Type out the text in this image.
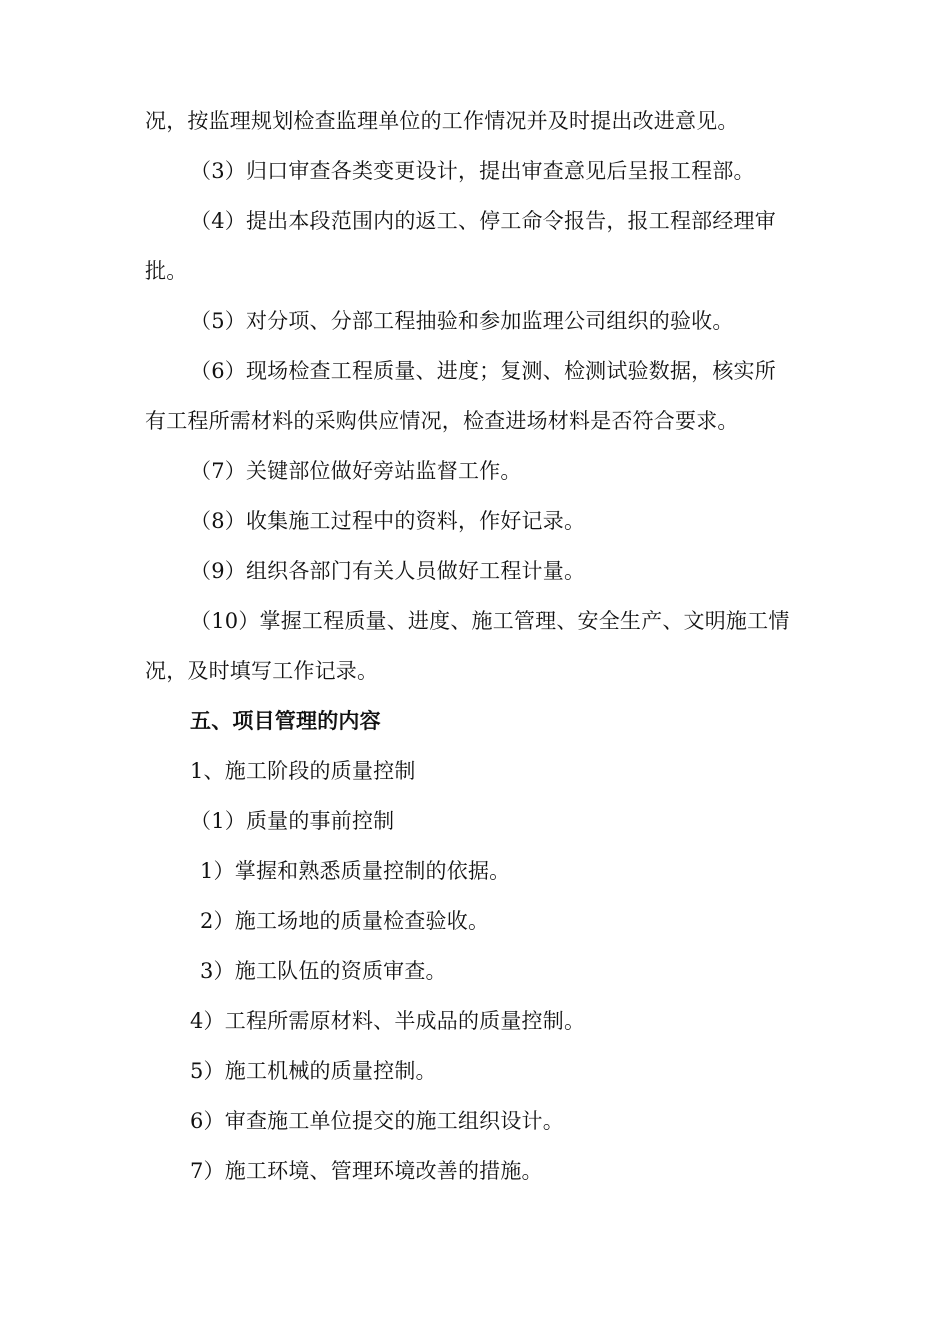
况，按监理规划检查监理单位的工作情况并及时提出改进意见。
（3）归口审查各类变更设计，提出审查意见后呈报工程部。
（4）提出本段范围内的返工、停工命令报告，报工程部经理审
批。
（5）对分项、分部工程抽验和参加监理公司组织的验收。
（6）现场检查工程质量、进度；复测、检测试验数据，核实所
有工程所需材料的采购供应情况，检查进场材料是否符合要求。
（7）关键部位做好旁站监督工作。
（8）收集施工过程中的资料，作好记录。
（9）组织各部门有关人员做好工程计量。
（10）掌握工程质量、进度、施工管理、安全生产、文明施工情
况，及时填写工作记录。
五、项目管理的内容
1、施工阶段的质量控制
（1）质量的事前控制
1）掌握和熟悉质量控制的依据。
2）施工场地的质量检查验收。
3）施工队伍的资质审查。
4）工程所需原材料、半成品的质量控制。
5）施工机械的质量控制。
6）审查施工单位提交的施工组织设计。
7）施工环境、管理环境改善的措施。
